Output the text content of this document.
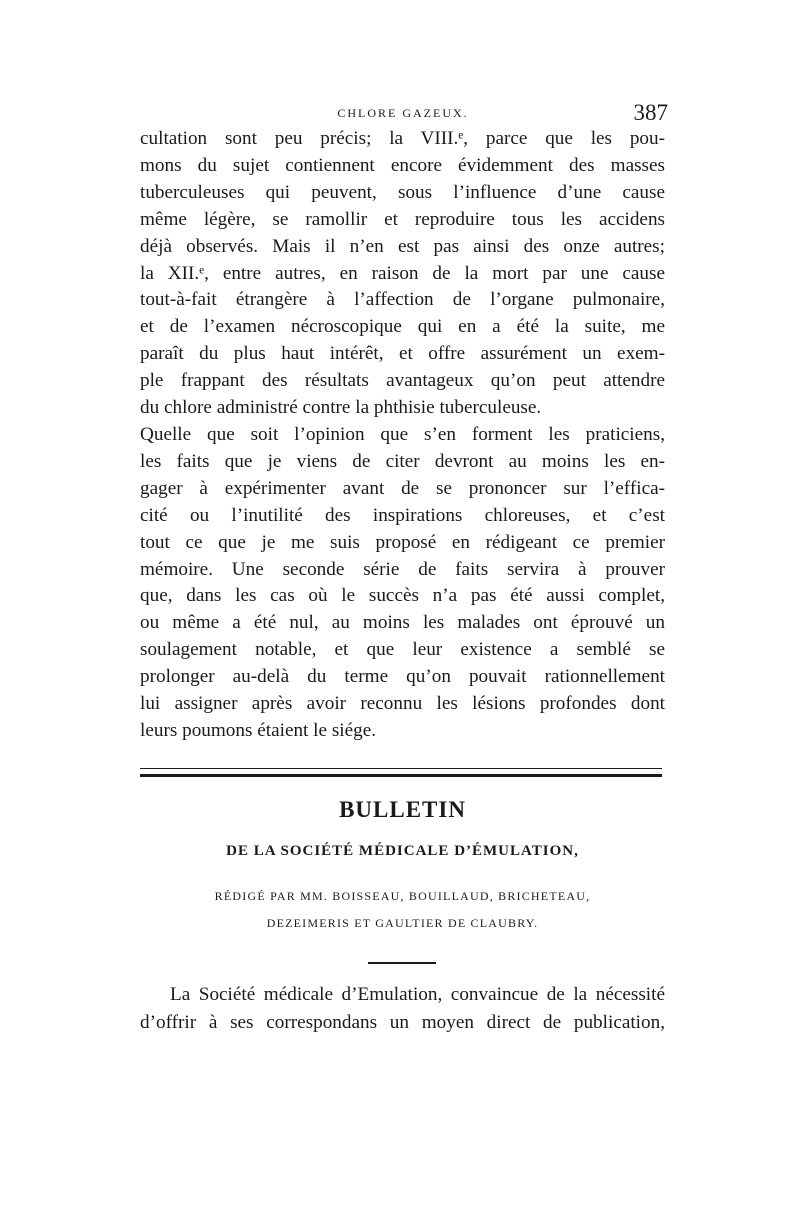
CHLORE GAZEUX.	387
cultation sont peu précis; la VIII.ᵉ, parce que les pou-
mons du sujet contiennent encore évidemment des masses
tuberculeuses qui peuvent, sous l’influence d’une cause
même légère, se ramollir et reproduire tous les accidens
déjà observés. Mais il n’en est pas ainsi des onze autres;
la XII.ᵉ, entre autres, en raison de la mort par une cause
tout-à-fait étrangère à l’affection de l’organe pulmonaire,
et de l’examen nécroscopique qui en a été la suite, me
paraît du plus haut intérêt, et offre assurément un exem-
ple frappant des résultats avantageux qu’on peut attendre
du chlore administré contre la phthisie tuberculeuse.
Quelle que soit l’opinion que s’en forment les praticiens,
les faits que je viens de citer devront au moins les en-
gager à expérimenter avant de se prononcer sur l’effica-
cité ou l’inutilité des inspirations chloreuses, et c’est
tout ce que je me suis proposé en rédigeant ce premier
mémoire. Une seconde série de faits servira à prouver
que, dans les cas où le succès n’a pas été aussi complet,
ou même a été nul, au moins les malades ont éprouvé un
soulagement notable, et que leur existence a semblé se
prolonger au-delà du terme qu’on pouvait rationnellement
lui assigner après avoir reconnu les lésions profondes dont
leurs poumons étaient le siége.
BULLETIN
DE LA SOCIÉTÉ MÉDICALE D’ÉMULATION,
RÉDIGÉ PAR MM. BOISSEAU, BOUILLAUD, BRICHETEAU,
DEZEIMERIS ET GAULTIER DE CLAUBRY.
La Société médicale d’Emulation, convaincue de la nécessité
d’offrir à ses correspondans un moyen direct de publication,
